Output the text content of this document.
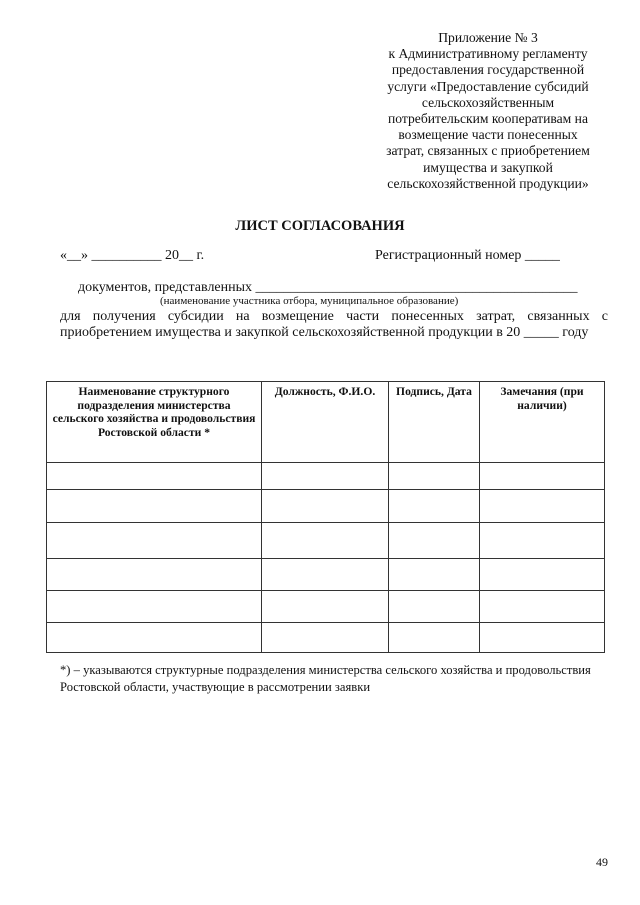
Приложение № 3
к Административному регламенту
предоставления государственной
услуги «Предоставление субсидий
сельскохозяйственным
потребительским кооперативам на
возмещение части понесенных
затрат, связанных с приобретением
имущества и закупкой
сельскохозяйственной продукции»
ЛИСТ СОГЛАСОВАНИЯ
«__» __________ 20__ г.	Регистрационный номер _____
документов, представленных ______________________________________________
(наименование участника отбора, муниципальное образование)
для получения субсидии на возмещение части понесенных затрат, связанных с приобретением имущества и закупкой сельскохозяйственной продукции в 20 _____ году
Наименование структурного подразделения министерства сельского хозяйства и продовольствия Ростовской области *	Должность, Ф.И.О.	Подпись, Дата	Замечания (при наличии)

*) – указываются структурные подразделения министерства сельского хозяйства и продовольствия Ростовской области, участвующие в рассмотрении заявки
49
